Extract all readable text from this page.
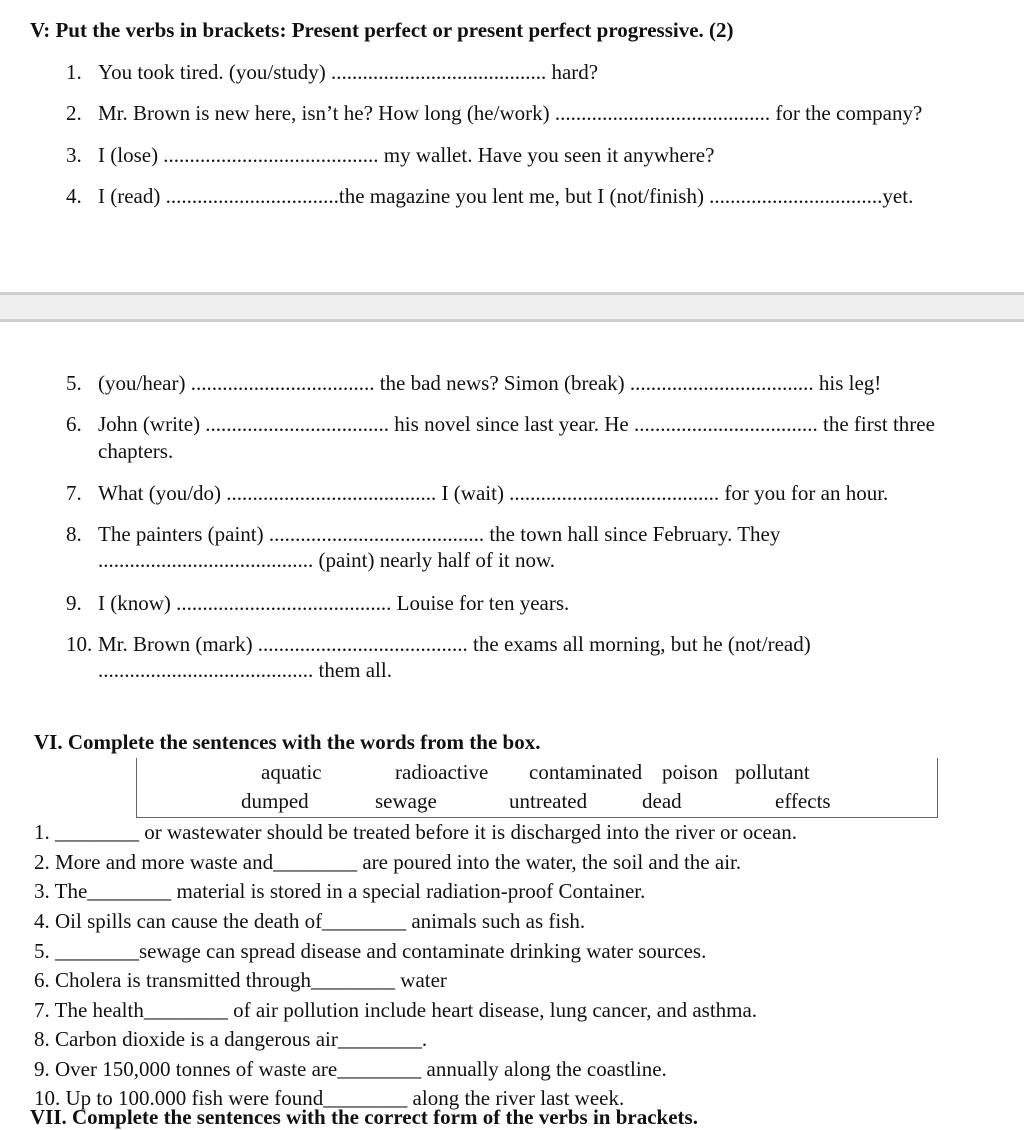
V: Put the verbs in brackets: Present perfect or present perfect progressive. (2)
1. You took tired. (you/study) ......................................... hard?
2. Mr. Brown is new here, isn’t he? How long (he/work) ......................................... for the company?
3. I (lose) ......................................... my wallet. Have you seen it anywhere?
4. I (read) .................................the magazine you lent me, but I (not/finish) .................................yet.
5. (you/hear) ................................... the bad news? Simon (break) ................................... his leg!
6. John (write) ................................... his novel since last year. He ................................... the first three
chapters.
7. What (you/do) ........................................ I (wait) ........................................ for you for an hour.
8. The painters (paint) ......................................... the town hall since February. They
......................................... (paint) nearly half of it now.
9. I (know) ......................................... Louise for ten years.
10. Mr. Brown (mark) ........................................ the exams all morning, but he (not/read)
......................................... them all.
VI. Complete the sentences with the words from the box.
aquatic	radioactive contaminated poison pollutant
dumped	sewage	untreated	dead	effects
1. ________ or wastewater should be treated before it is discharged into the river or ocean.
2. More and more waste and________ are poured into the water, the soil and the air.
3. The________ material is stored in a special radiation-proof Container.
4. Oil spills can cause the death of________ animals such as fish.
5. ________sewage can spread disease and contaminate drinking water sources.
6. Cholera is transmitted through________ water
7. The health________ of air pollution include heart disease, lung cancer, and asthma.
8. Carbon dioxide is a dangerous air________.
9. Over 150,000 tonnes of waste are________ annually along the coastline.
10. Up to 100.000 fish were found________ along the river last week.
VII. Complete the sentences with the correct form of the verbs in brackets.
